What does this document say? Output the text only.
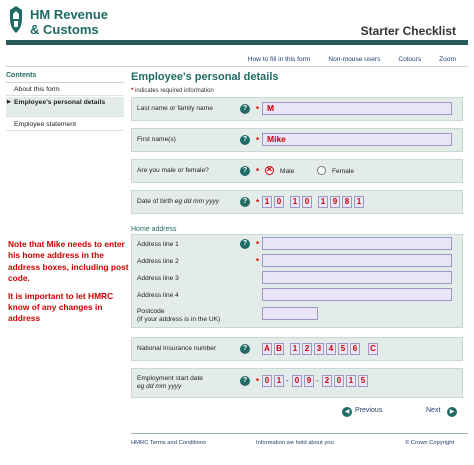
HM Revenue
& Customs	Starter Checklist
How to fill in this form	Non-mouse users	Colours	Zoom
Contents
About this form
▶ Employee's personal details
Employee statement
Employee's personal details
* indicates required information
Last name or family name	?	* M
First name(s)	?	* Mike
Are you male or female?	?	*
✕	Male	Female
Date of birth eg dd mm yyyy	?	* 1 0	1 0	1 9 8 1
Home address
Address line 1	?	*
Address line 2	*
Address line 3
Address line 4
Postcode
(if your address is in the UK)
National Insurance number	?	A B	1 2 3 4 5 6	C
Employment start date
eg dd mm yyyy
?	* 0 1 - 0 9 - 2 0 1 5

Note that Mike needs to enter his home address in the address boxes, including post code.

It is important to let HMRC know of any changes in address

◀ Previous	Next	▶
HMRC Terms and Conditions	Information we hold about you	© Crown Copyright
